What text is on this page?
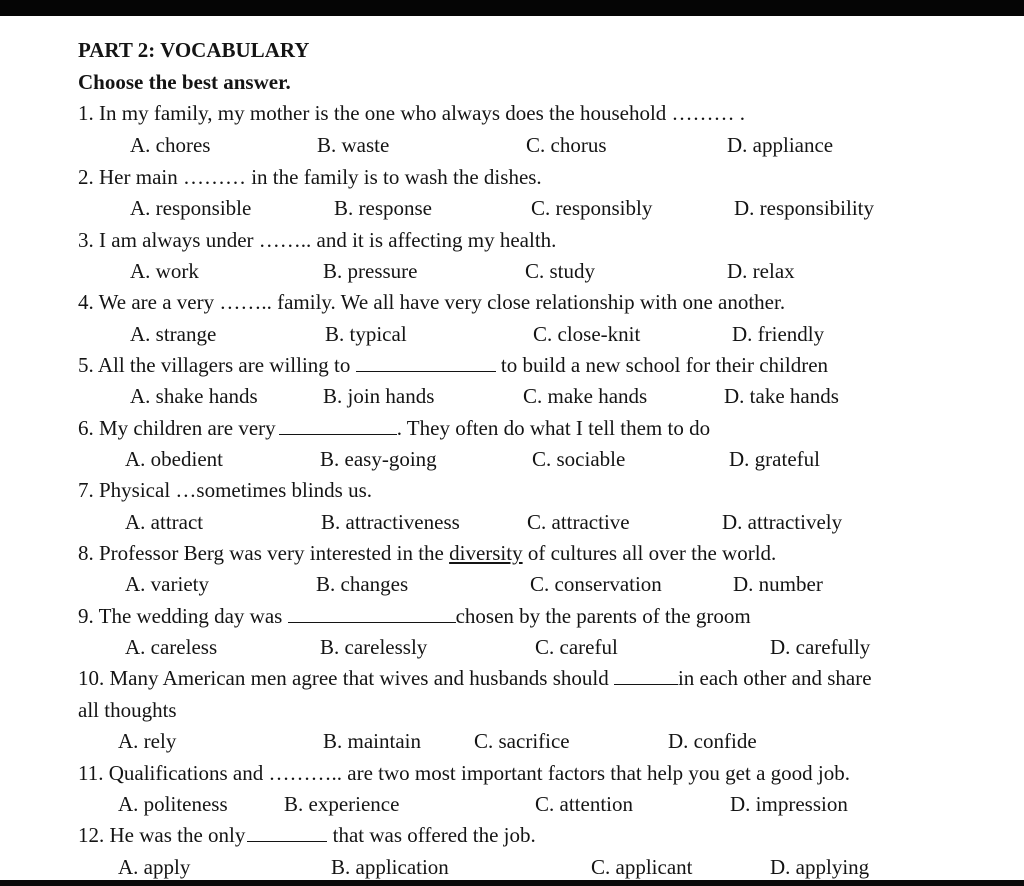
PART 2: VOCABULARY
Choose the best answer.
1. In my family, my mother is the one who always does the household ……… .
A. chores	B. waste	C. chorus	D. appliance
2. Her main ……… in the family is to wash the dishes.
A. responsible	B. response	C. responsibly	D. responsibility
3. I am always under …….. and it is affecting my health.
A. work	B. pressure	C. study	D. relax
4. We are a very …….. family. We all have very close relationship with one another.
A. strange	B. typical	C. close-knit	D. friendly
5. All the villagers are willing to	to build a new school for their children
A. shake hands	B. join hands	C. make hands	D. take hands
6. My children are very	. They often do what I tell them to do
A. obedient	B. easy-going	C. sociable	D. grateful
7. Physical …sometimes blinds us.
A. attract	B. attractiveness	C. attractive	D. attractively
8. Professor Berg was very interested in the diversity of cultures all over the world.
A. variety	B. changes	C. conservation	D. number
9. The wedding day was	chosen by the parents of the groom
A. careless	B. carelessly	C. careful	D. carefully
10. Many American men agree that wives and husbands should	in each other and share
all thoughts
A. rely	B. maintain	C. sacrifice	D. confide
11. Qualifications and ……….. are two most important factors that help you get a good job.
A. politeness	B. experience	C. attention	D. impression
12. He was the only	that was offered the job.
A. apply	B. application	C. applicant	D. applying
